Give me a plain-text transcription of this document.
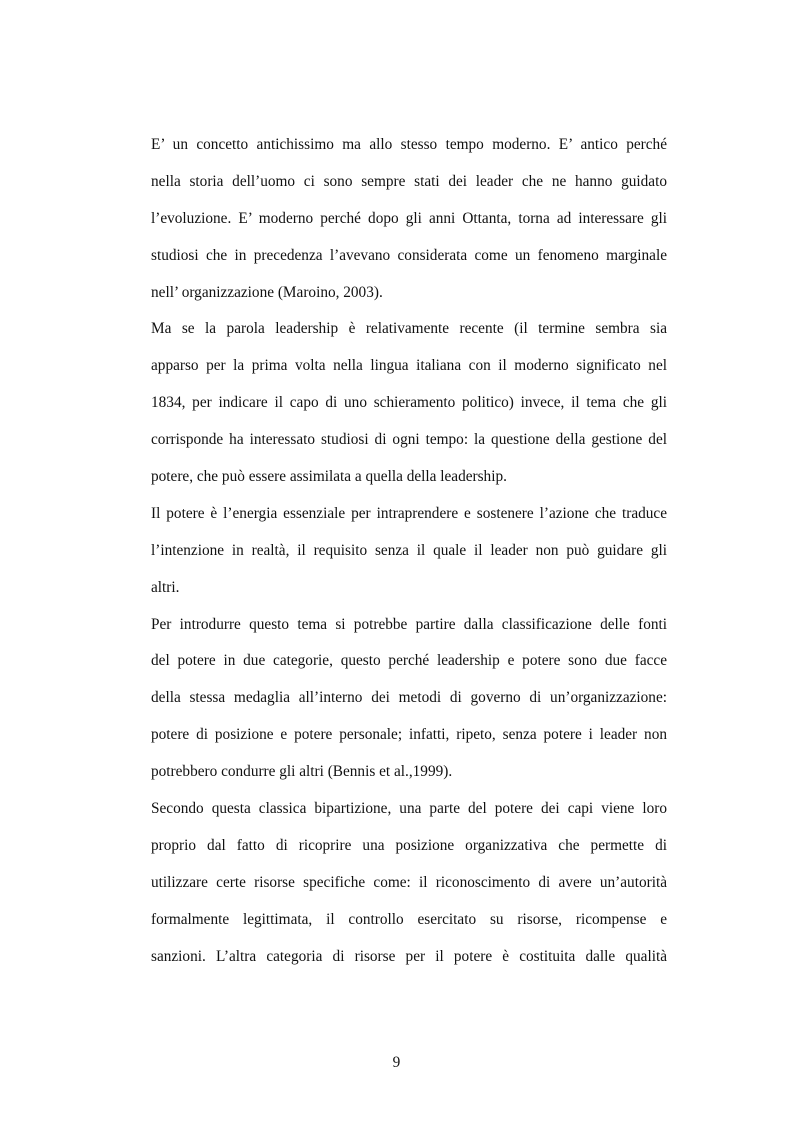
E’ un concetto antichissimo ma allo stesso tempo moderno. E’ antico perché
nella storia dell’uomo ci sono sempre stati dei leader che ne hanno guidato
l’evoluzione. E’ moderno perché dopo gli anni Ottanta, torna ad interessare gli
studiosi che in precedenza l’avevano considerata come un fenomeno marginale
nell’ organizzazione (Maroino, 2003).
Ma se la parola leadership è relativamente recente (il termine sembra sia
apparso per la prima volta nella lingua italiana con il moderno significato nel
1834, per indicare il capo di uno schieramento politico) invece, il tema che gli
corrisponde ha interessato studiosi di ogni tempo: la questione della gestione del
potere, che può essere assimilata a quella della leadership.
Il potere è l’energia essenziale per intraprendere e sostenere l’azione che traduce
l’intenzione in realtà, il requisito senza il quale il leader non può guidare gli
altri.
Per introdurre questo tema si potrebbe partire dalla classificazione delle fonti
del potere in due categorie, questo perché leadership e potere sono due facce
della stessa medaglia all’interno dei metodi di governo di un’organizzazione:
potere di posizione e potere personale; infatti, ripeto, senza potere i leader non
potrebbero condurre gli altri (Bennis et al.,1999).
Secondo questa classica bipartizione, una parte del potere dei capi viene loro
proprio dal fatto di ricoprire una posizione organizzativa che permette di
utilizzare certe risorse specifiche come: il riconoscimento di avere un’autorità
formalmente legittimata, il controllo esercitato su risorse, ricompense e
sanzioni. L’altra categoria di risorse per il potere è costituita dalle qualità
9
